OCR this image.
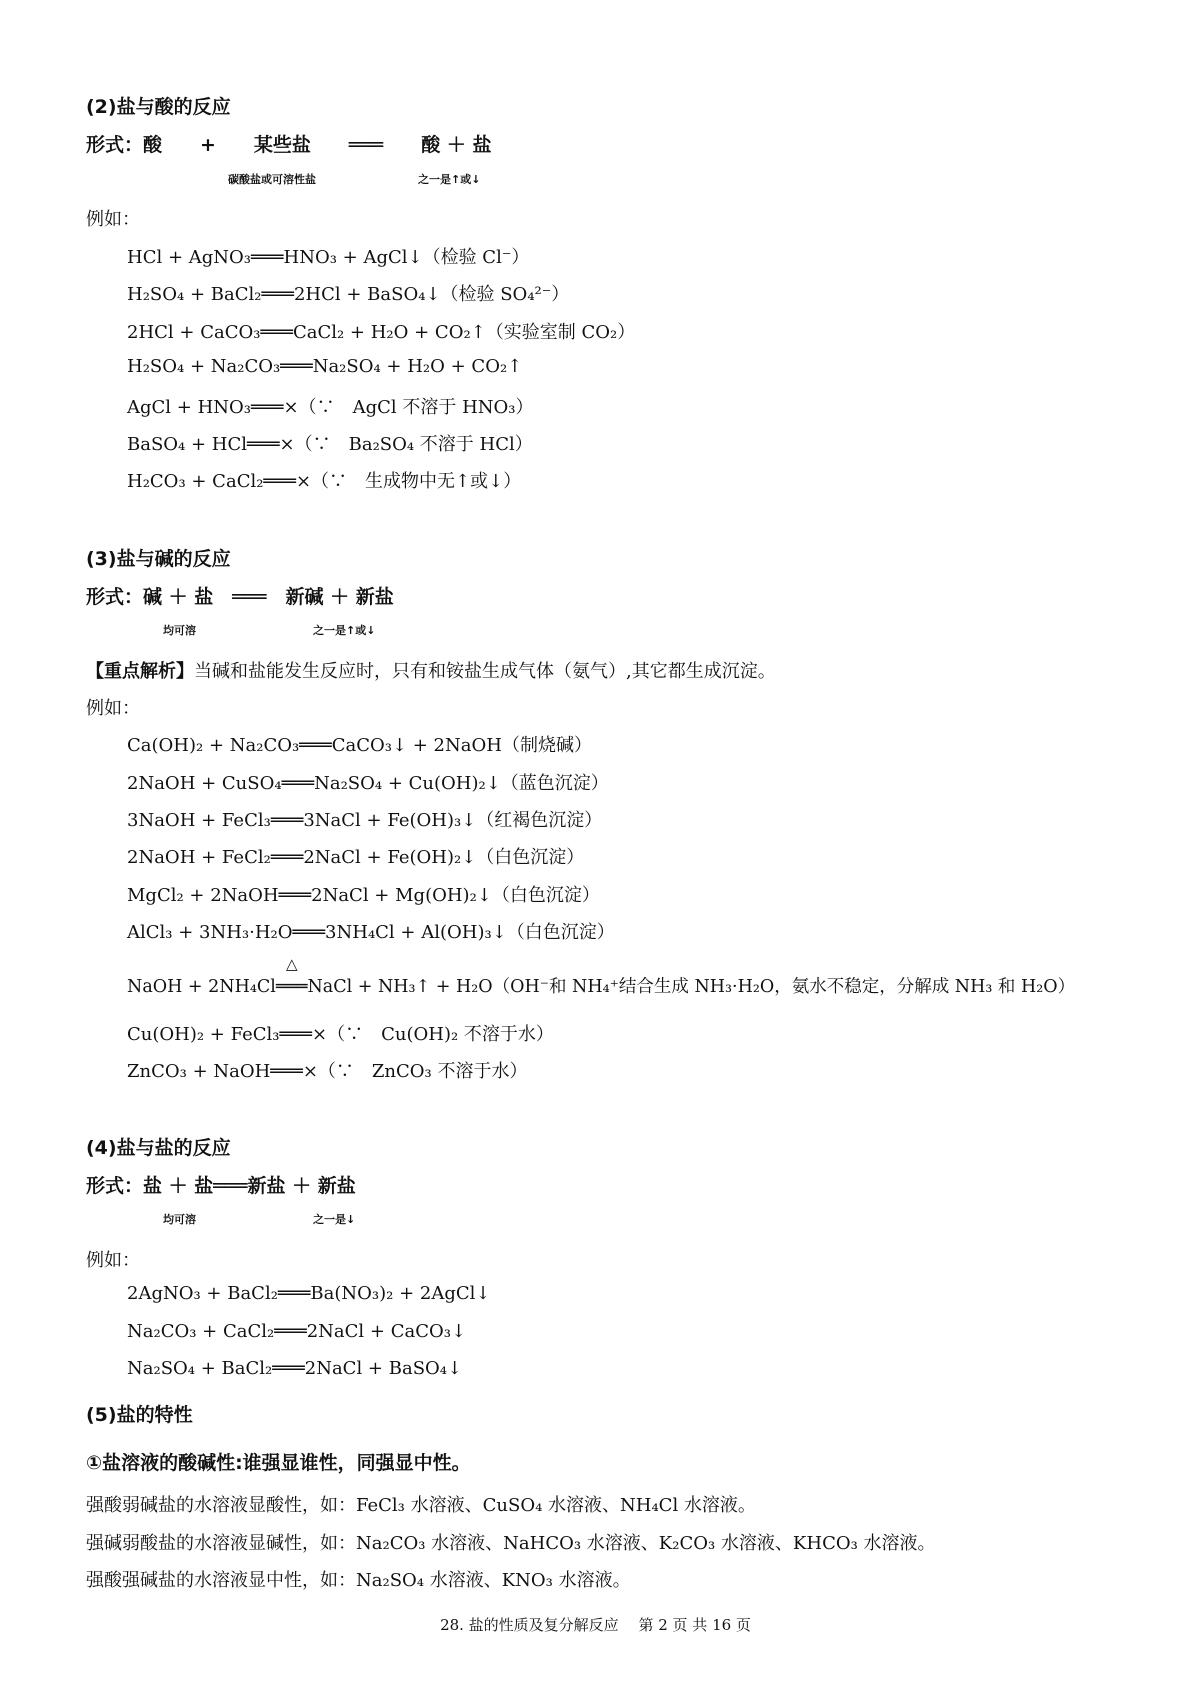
(2)盐与酸的反应
形式：酸　　+　　某些盐　　═══　　酸 ＋ 盐
碳酸盐或可溶性盐	之一是↑或↓
例如：
HCl + AgNO₃═══HNO₃ + AgCl↓（检验 Cl⁻）
H₂SO₄ + BaCl₂═══2HCl + BaSO₄↓（检验 SO₄²⁻）
2HCl + CaCO₃═══CaCl₂ + H₂O + CO₂↑（实验室制 CO₂）
H₂SO₄ + Na₂CO₃═══Na₂SO₄ + H₂O + CO₂↑
AgCl + HNO₃═══×（∵　AgCl 不溶于 HNO₃）
BaSO₄ + HCl═══×（∵　Ba₂SO₄ 不溶于 HCl）
H₂CO₃ + CaCl₂═══×（∵　生成物中无↑或↓）
(3)盐与碱的反应
形式：碱 ＋ 盐　═══　新碱 ＋ 新盐
均可溶	之一是↑或↓
【重点解析】当碱和盐能发生反应时，只有和铵盐生成气体（氨气）,其它都生成沉淀。
例如：
Ca(OH)₂ + Na₂CO₃═══CaCO₃↓ + 2NaOH（制烧碱）
2NaOH + CuSO₄═══Na₂SO₄ + Cu(OH)₂↓（蓝色沉淀）
3NaOH + FeCl₃═══3NaCl + Fe(OH)₃↓（红褐色沉淀）
2NaOH + FeCl₂═══2NaCl + Fe(OH)₂↓（白色沉淀）
MgCl₂ + 2NaOH═══2NaCl + Mg(OH)₂↓（白色沉淀）
AlCl₃ + 3NH₃·H₂O═══3NH₄Cl + Al(OH)₃↓（白色沉淀）
△
NaOH + 2NH₄Cl═══NaCl + NH₃↑ + H₂O（OH⁻和 NH₄⁺结合生成 NH₃·H₂O，氨水不稳定，分解成 NH₃ 和 H₂O）
Cu(OH)₂ + FeCl₃═══×（∵　Cu(OH)₂ 不溶于水）
ZnCO₃ + NaOH═══×（∵　ZnCO₃ 不溶于水）
(4)盐与盐的反应
形式：盐 ＋ 盐═══新盐 ＋ 新盐
均可溶	之一是↓
例如：
2AgNO₃ + BaCl₂═══Ba(NO₃)₂ + 2AgCl↓
Na₂CO₃ + CaCl₂═══2NaCl + CaCO₃↓
Na₂SO₄ + BaCl₂═══2NaCl + BaSO₄↓
(5)盐的特性
①盐溶液的酸碱性:谁强显谁性，同强显中性。
强酸弱碱盐的水溶液显酸性，如：FeCl₃ 水溶液、CuSO₄ 水溶液、NH₄Cl 水溶液。
强碱弱酸盐的水溶液显碱性，如：Na₂CO₃ 水溶液、NaHCO₃ 水溶液、K₂CO₃ 水溶液、KHCO₃ 水溶液。
强酸强碱盐的水溶液显中性，如：Na₂SO₄ 水溶液、KNO₃ 水溶液。
28. 盐的性质及复分解反应　 第 2 页 共 16 页
